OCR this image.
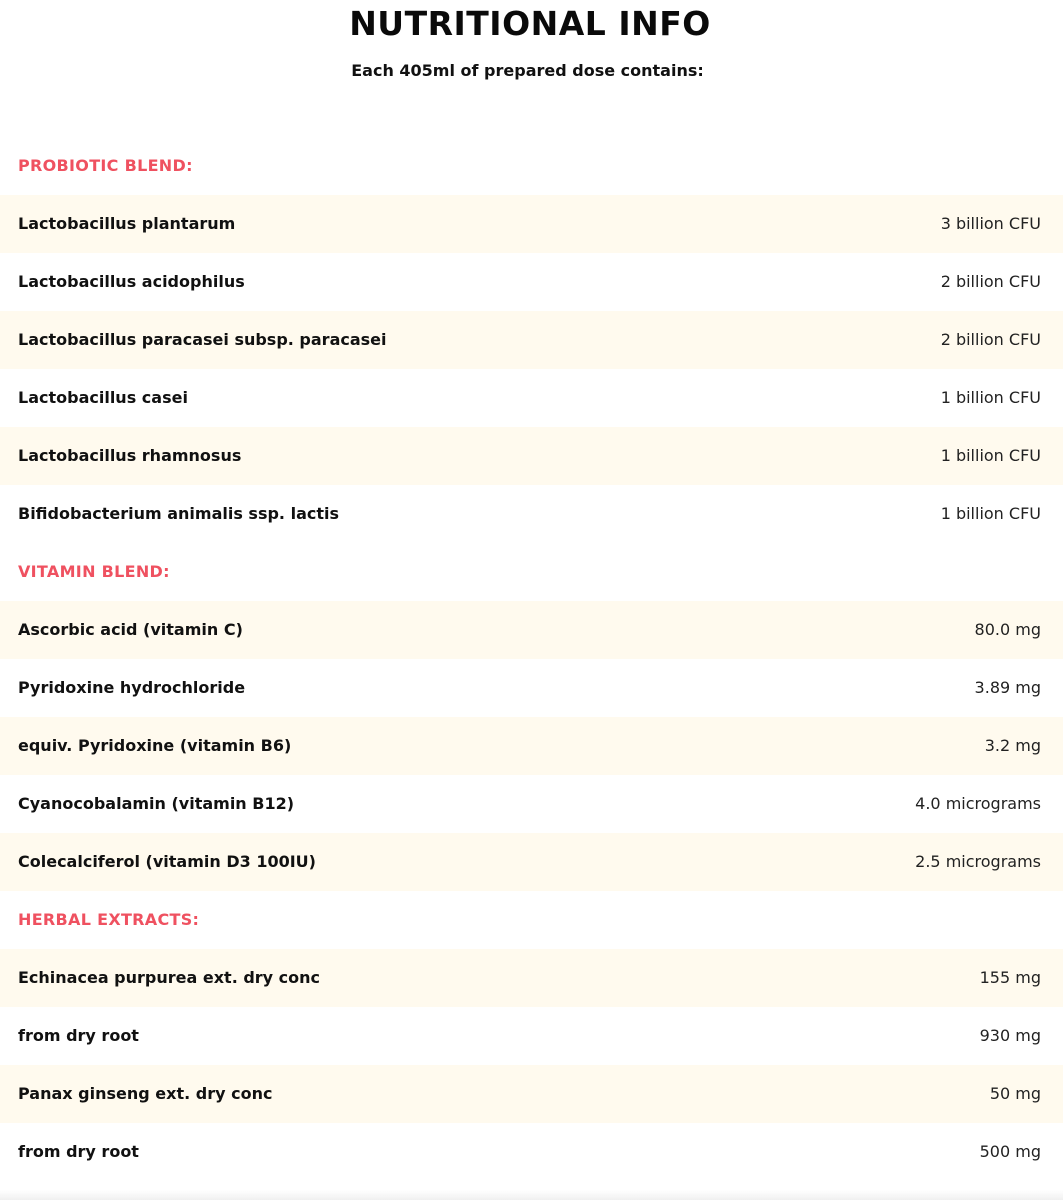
NUTRITIONAL INFO
Each 405ml of prepared dose contains:
PROBIOTIC BLEND:
Lactobacillus plantarum	3 billion CFU
Lactobacillus acidophilus	2 billion CFU
Lactobacillus paracasei subsp. paracasei	2 billion CFU
Lactobacillus casei	1 billion CFU
Lactobacillus rhamnosus	1 billion CFU
Bifidobacterium animalis ssp. lactis	1 billion CFU
VITAMIN BLEND:
Ascorbic acid (vitamin C)	80.0 mg
Pyridoxine hydrochloride	3.89 mg
equiv. Pyridoxine (vitamin B6)	3.2 mg
Cyanocobalamin (vitamin B12)	4.0 micrograms
Colecalciferol (vitamin D3 100IU)	2.5 micrograms
HERBAL EXTRACTS:
Echinacea purpurea ext. dry conc	155 mg
from dry root	930 mg
Panax ginseng ext. dry conc	50 mg
from dry root	500 mg
